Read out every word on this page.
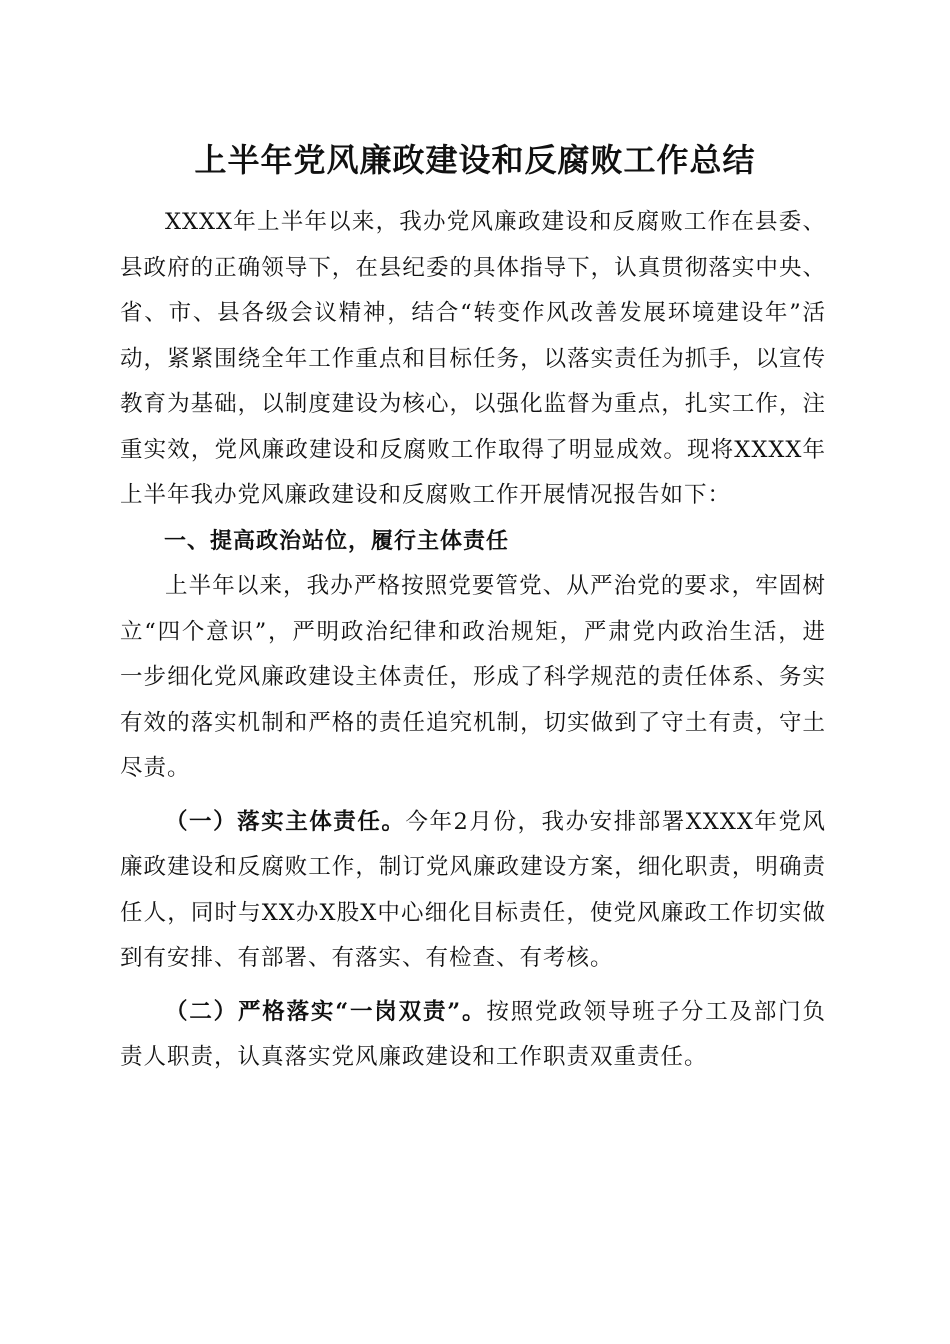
上半年党风廉政建设和反腐败工作总结

XXXX年上半年以来，我办党风廉政建设和反腐败工作在县委、县政府的正确领导下，在县纪委的具体指导下，认真贯彻落实中央、省、市、县各级会议精神，结合“转变作风改善发展环境建设年”活动，紧紧围绕全年工作重点和目标任务，以落实责任为抓手，以宣传教育为基础，以制度建设为核心，以强化监督为重点，扎实工作，注重实效，党风廉政建设和反腐败工作取得了明显成效。现将XXXX年上半年我办党风廉政建设和反腐败工作开展情况报告如下：

一、提高政治站位，履行主体责任

上半年以来，我办严格按照党要管党、从严治党的要求，牢固树立“四个意识”，严明政治纪律和政治规矩，严肃党内政治生活，进一步细化党风廉政建设主体责任，形成了科学规范的责任体系、务实有效的落实机制和严格的责任追究机制，切实做到了守土有责，守土尽责。

（一）落实主体责任。今年2月份，我办安排部署XXXX年党风廉政建设和反腐败工作，制订党风廉政建设方案，细化职责，明确责任人，同时与XX办X股X中心细化目标责任，使党风廉政工作切实做到有安排、有部署、有落实、有检查、有考核。

（二）严格落实“一岗双责”。按照党政领导班子分工及部门负责人职责，认真落实党风廉政建设和工作职责双重责任。
